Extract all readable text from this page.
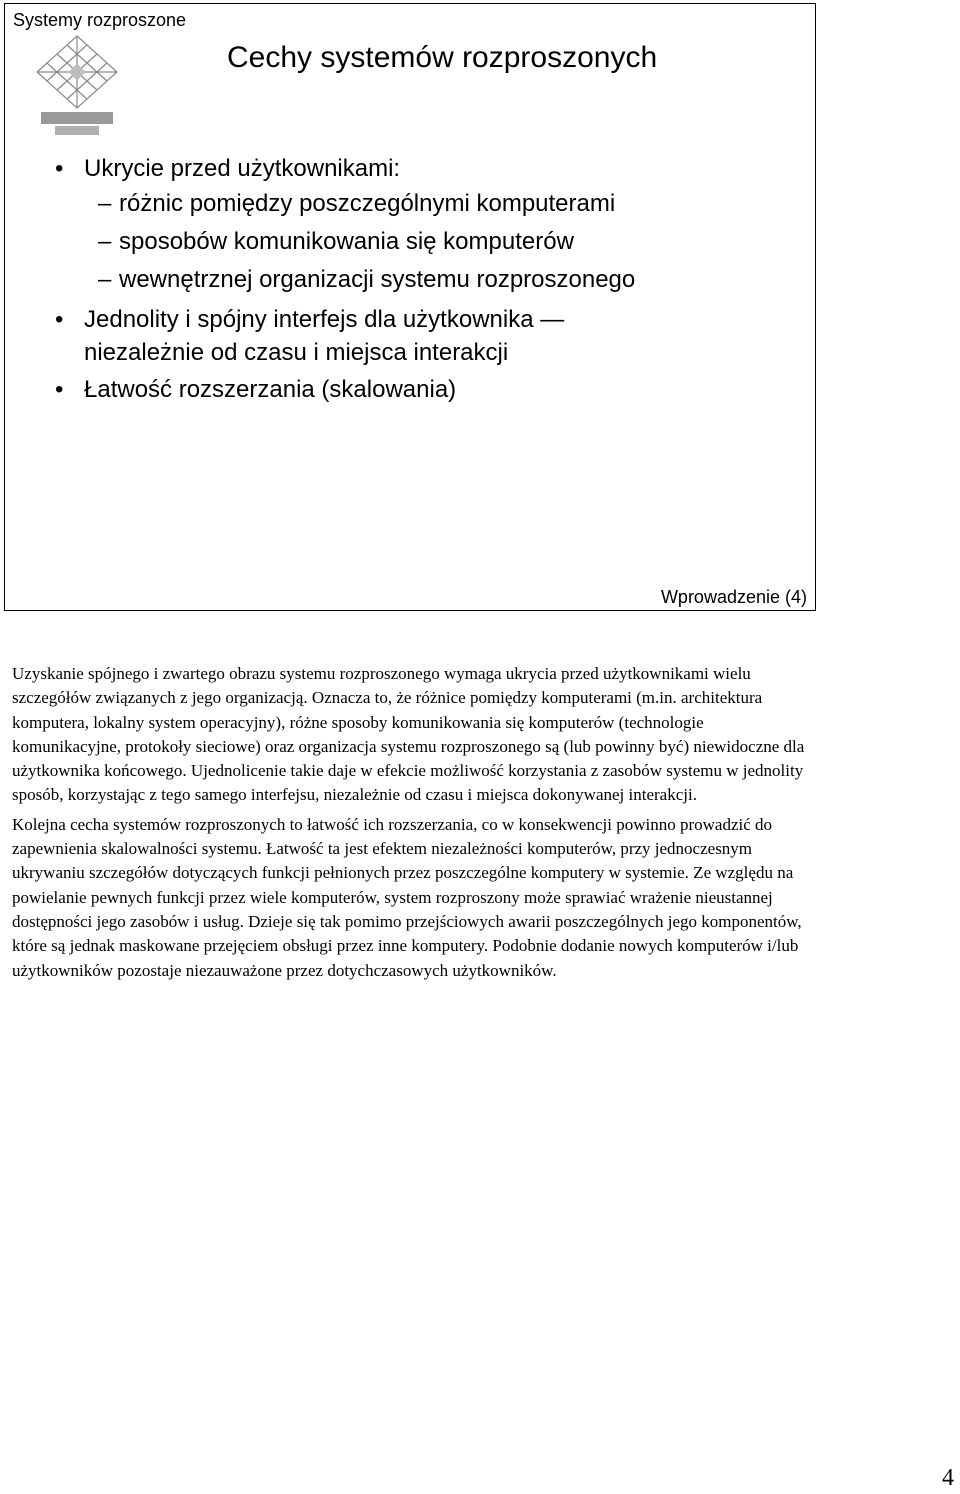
Systemy rozproszone
Cechy systemów rozproszonych
• Ukrycie przed użytkownikami:
– różnic pomiędzy poszczególnymi komputerami
– sposobów komunikowania się komputerów
– wewnętrznej organizacji systemu rozproszonego
• Jednolity i spójny interfejs dla użytkownika —
niezależnie od czasu i miejsca interakcji
• Łatwość rozszerzania (skalowania)
Wprowadzenie (4)

Uzyskanie spójnego i zwartego obrazu systemu rozproszonego wymaga ukrycia przed użytkownikami wielu szczegółów związanych z jego organizacją. Oznacza to, że różnice pomiędzy komputerami (m.in. architektura komputera, lokalny system operacyjny), różne sposoby komunikowania się komputerów (technologie komunikacyjne, protokoły sieciowe) oraz organizacja systemu rozproszonego są (lub powinny być) niewidoczne dla użytkownika końcowego. Ujednolicenie takie daje w efekcie możliwość korzystania z zasobów systemu w jednolity sposób, korzystając z tego samego interfejsu, niezależnie od czasu i miejsca dokonywanej interakcji.

Kolejna cecha systemów rozproszonych to łatwość ich rozszerzania, co w konsekwencji powinno prowadzić do zapewnienia skalowalności systemu. Łatwość ta jest efektem niezależności komputerów, przy jednoczesnym ukrywaniu szczegółów dotyczących funkcji pełnionych przez poszczególne komputery w systemie. Ze względu na powielanie pewnych funkcji przez wiele komputerów, system rozproszony może sprawiać wrażenie nieustannej dostępności jego zasobów i usług. Dzieje się tak pomimo przejściowych awarii poszczególnych jego komponentów, które są jednak maskowane przejęciem obsługi przez inne komputery. Podobnie dodanie nowych komputerów i/lub użytkowników pozostaje niezauważone przez dotychczasowych użytkowników.

4
